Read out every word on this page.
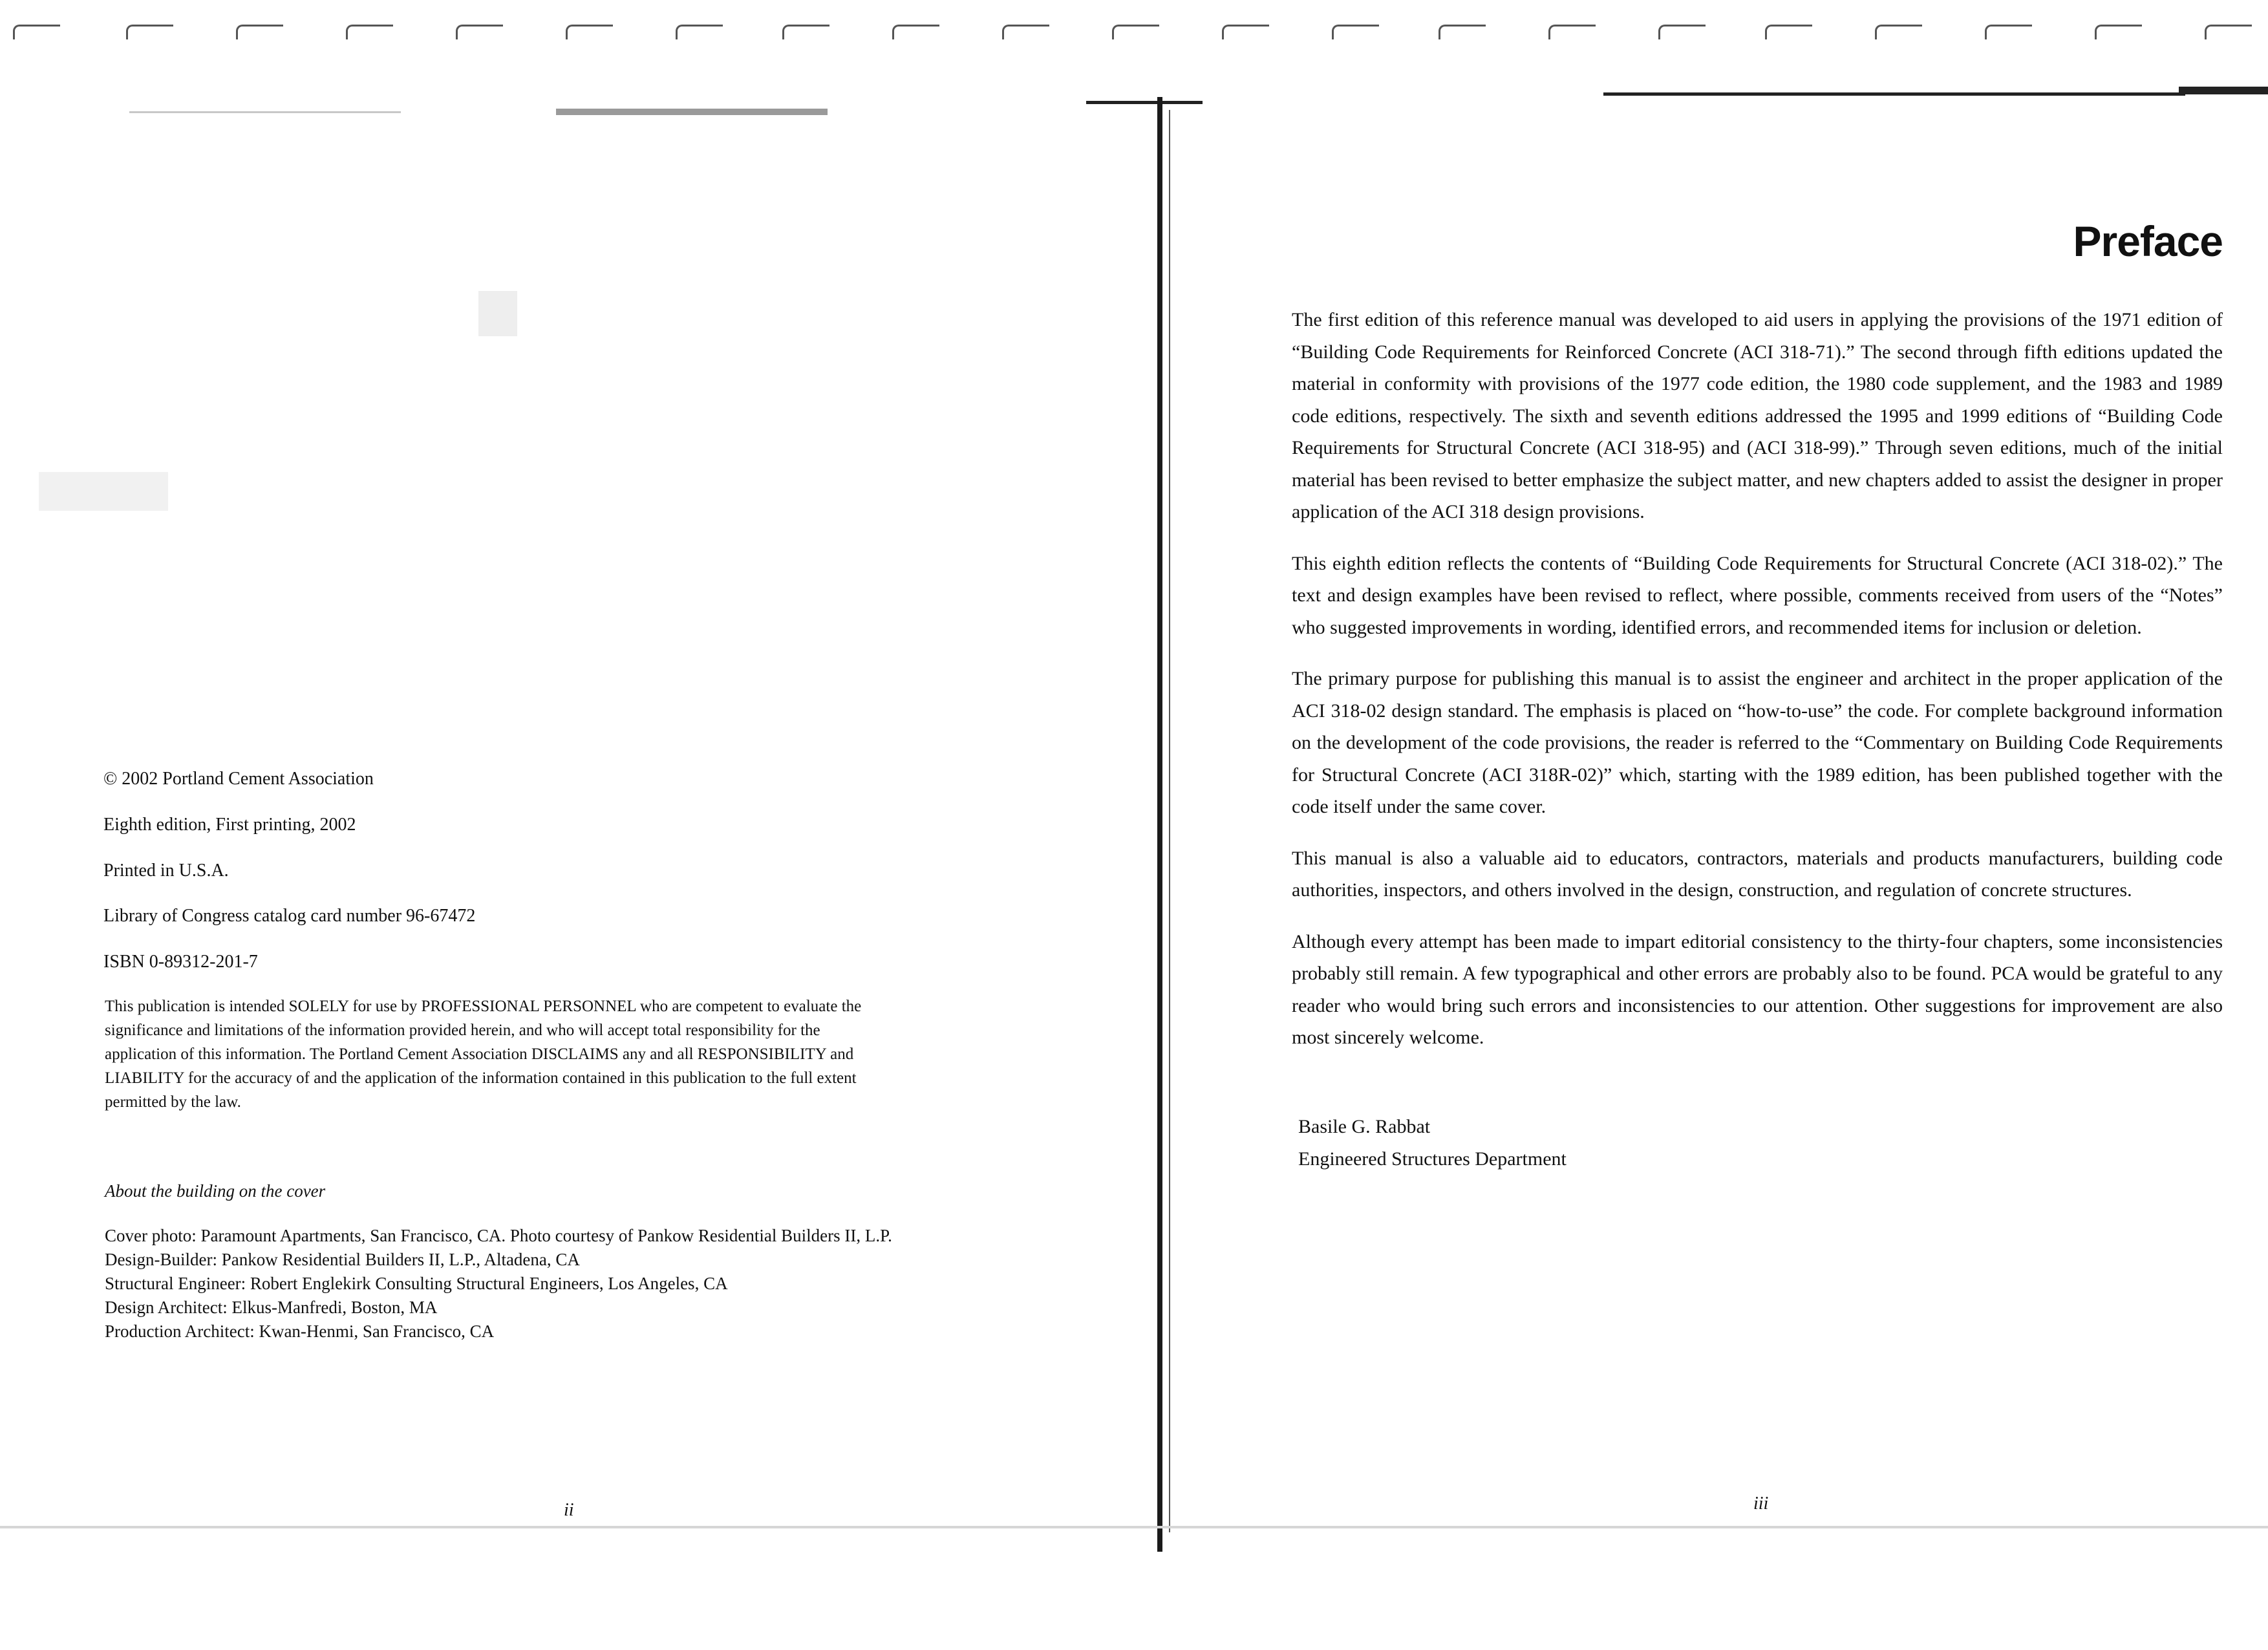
© 2002 Portland Cement Association
Eighth edition, First printing, 2002
Printed in U.S.A.
Library of Congress catalog card number 96-67472
ISBN 0-89312-201-7
This publication is intended SOLELY for use by PROFESSIONAL PERSONNEL who are competent to evaluate the significance and limitations of the information provided herein, and who will accept total responsibility for the application of this information. The Portland Cement Association DISCLAIMS any and all RESPONSIBILITY and LIABILITY for the accuracy of and the application of the information contained in this publication to the full extent permitted by the law.
About the building on the cover
Cover photo: Paramount Apartments, San Francisco, CA. Photo courtesy of Pankow Residential Builders II, L.P.
Design-Builder: Pankow Residential Builders II, L.P., Altadena, CA
Structural Engineer: Robert Englekirk Consulting Structural Engineers, Los Angeles, CA
Design Architect: Elkus-Manfredi, Boston, MA
Production Architect: Kwan-Henmi, San Francisco, CA
ii
Preface

The first edition of this reference manual was developed to aid users in applying the provisions of the 1971 edition of “Building Code Requirements for Reinforced Concrete (ACI 318-71).” The second through fifth editions updated the material in conformity with provisions of the 1977 code edition, the 1980 code supplement, and the 1983 and 1989 code editions, respectively. The sixth and seventh editions addressed the 1995 and 1999 editions of “Building Code Requirements for Structural Concrete (ACI 318-95) and (ACI 318-99).” Through seven editions, much of the initial material has been revised to better emphasize the subject matter, and new chapters added to assist the designer in proper application of the ACI 318 design provisions.

This eighth edition reflects the contents of “Building Code Requirements for Structural Concrete (ACI 318-02).” The text and design examples have been revised to reflect, where possible, comments received from users of the “Notes” who suggested improvements in wording, identified errors, and recommended items for inclusion or deletion.

The primary purpose for publishing this manual is to assist the engineer and architect in the proper application of the ACI 318-02 design standard. The emphasis is placed on “how-to-use” the code. For complete background information on the development of the code provisions, the reader is referred to the “Commentary on Building Code Requirements for Structural Concrete (ACI 318R-02)” which, starting with the 1989 edition, has been published together with the code itself under the same cover.

This manual is also a valuable aid to educators, contractors, materials and products manufacturers, building code authorities, inspectors, and others involved in the design, construction, and regulation of concrete structures.

Although every attempt has been made to impart editorial consistency to the thirty-four chapters, some inconsistencies probably still remain. A few typographical and other errors are probably also to be found. PCA would be grateful to any reader who would bring such errors and inconsistencies to our attention. Other suggestions for improvement are also most sincerely welcome.

Basile G. Rabbat
Engineered Structures Department
iii
